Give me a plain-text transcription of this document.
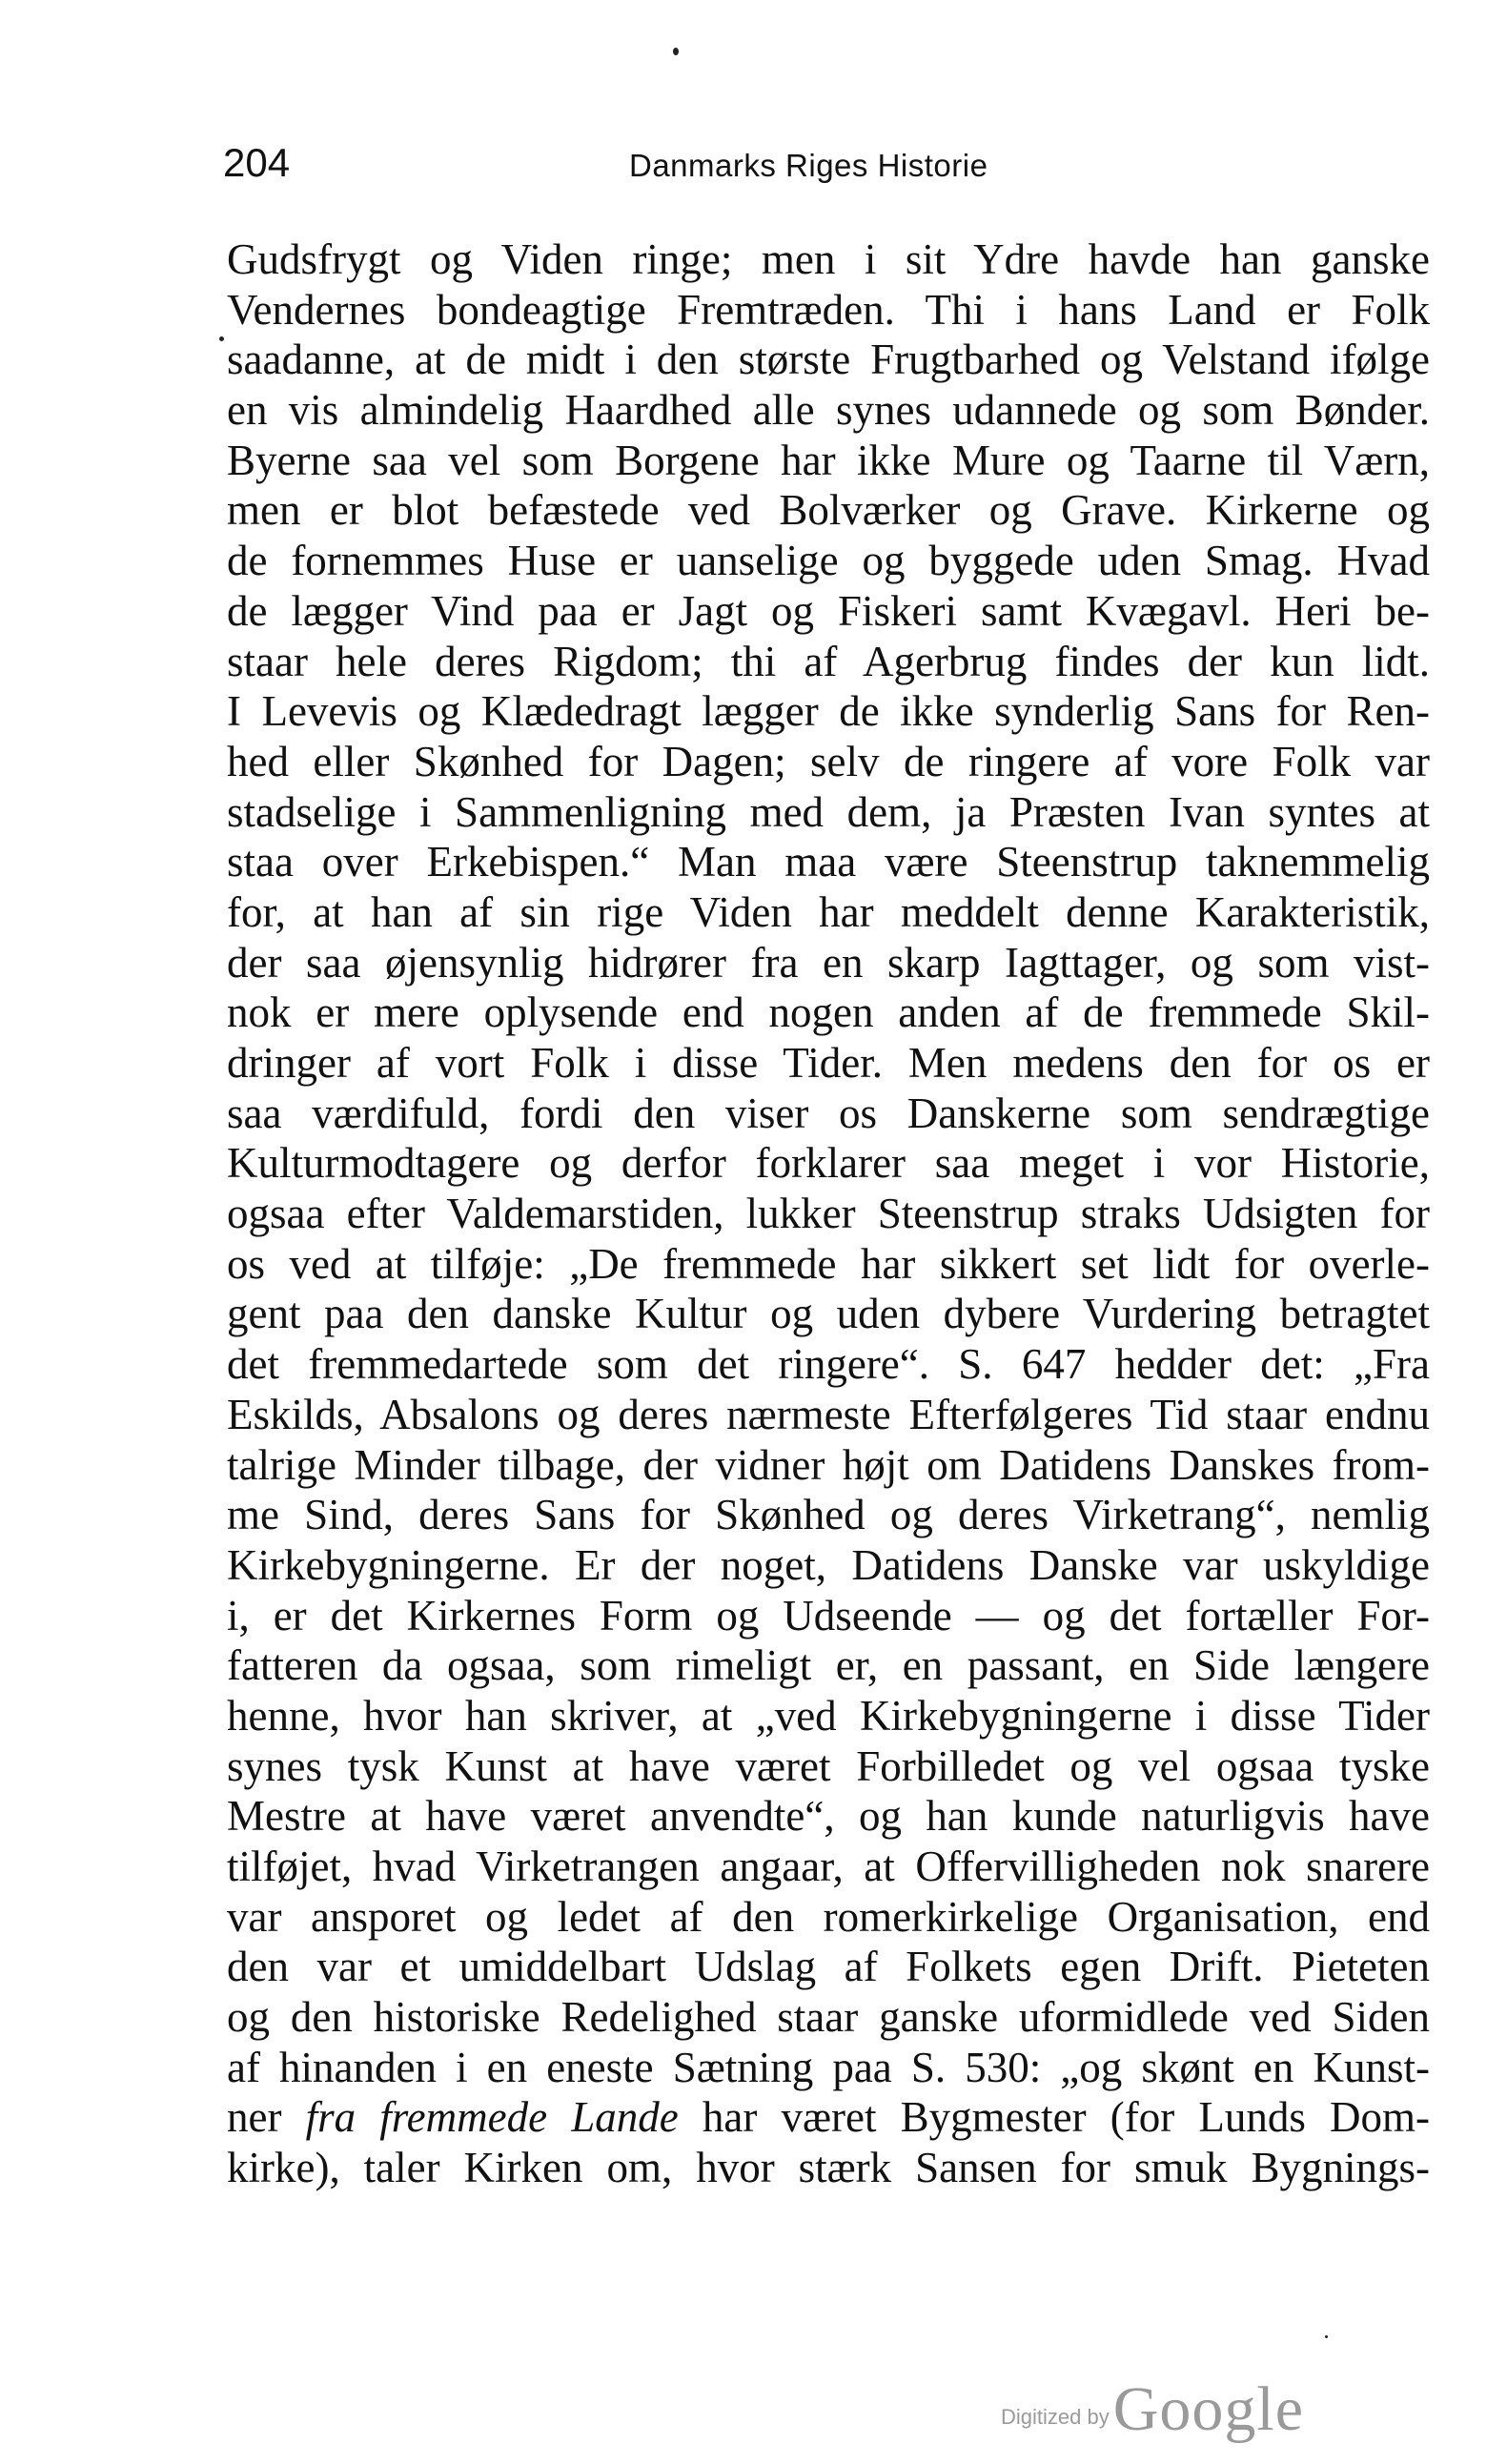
204	Danmarks Riges Historie
Gudsfrygt og Viden ringe; men i sit Ydre havde han ganske
Vendernes bondeagtige Fremtræden. Thi i hans Land er Folk
saadanne, at de midt i den største Frugtbarhed og Velstand ifølge
en vis almindelig Haardhed alle synes udannede og som Bønder.
Byerne saa vel som Borgene har ikke Mure og Taarne til Værn,
men er blot befæstede ved Bolværker og Grave. Kirkerne og
de fornemmes Huse er uanselige og byggede uden Smag. Hvad
de lægger Vind paa er Jagt og Fiskeri samt Kvægavl. Heri be-
staar hele deres Rigdom; thi af Agerbrug findes der kun lidt.
I Levevis og Klædedragt lægger de ikke synderlig Sans for Ren-
hed eller Skønhed for Dagen; selv de ringere af vore Folk var
stadselige i Sammenligning med dem, ja Præsten Ivan syntes at
staa over Erkebispen.“ Man maa være Steenstrup taknemmelig
for, at han af sin rige Viden har meddelt denne Karakteristik,
der saa øjensynlig hidrører fra en skarp Iagttager, og som vist-
nok er mere oplysende end nogen anden af de fremmede Skil-
dringer af vort Folk i disse Tider. Men medens den for os er
saa værdifuld, fordi den viser os Danskerne som sendrægtige
Kulturmodtagere og derfor forklarer saa meget i vor Historie,
ogsaa efter Valdemarstiden, lukker Steenstrup straks Udsigten for
os ved at tilføje: „De fremmede har sikkert set lidt for overle-
gent paa den danske Kultur og uden dybere Vurdering betragtet
det fremmedartede som det ringere“. S. 647 hedder det: „Fra
Eskilds, Absalons og deres nærmeste Efterfølgeres Tid staar endnu
talrige Minder tilbage, der vidner højt om Datidens Danskes from-
me Sind, deres Sans for Skønhed og deres Virketrang“, nemlig
Kirkebygningerne. Er der noget, Datidens Danske var uskyldige
i, er det Kirkernes Form og Udseende — og det fortæller For-
fatteren da ogsaa, som rimeligt er, en passant, en Side længere
henne, hvor han skriver, at „ved Kirkebygningerne i disse Tider
synes tysk Kunst at have været Forbilledet og vel ogsaa tyske
Mestre at have været anvendte“, og han kunde naturligvis have
tilføjet, hvad Virketrangen angaar, at Offervilligheden nok snarere
var ansporet og ledet af den romerkirkelige Organisation, end
den var et umiddelbart Udslag af Folkets egen Drift. Pieteten
og den historiske Redelighed staar ganske uformidlede ved Siden
af hinanden i en eneste Sætning paa S. 530: „og skønt en Kunst-
ner fra fremmede Lande har været Bygmester (for Lunds Dom-
kirke), taler Kirken om, hvor stærk Sansen for smuk Bygnings-
Digitized by Google
